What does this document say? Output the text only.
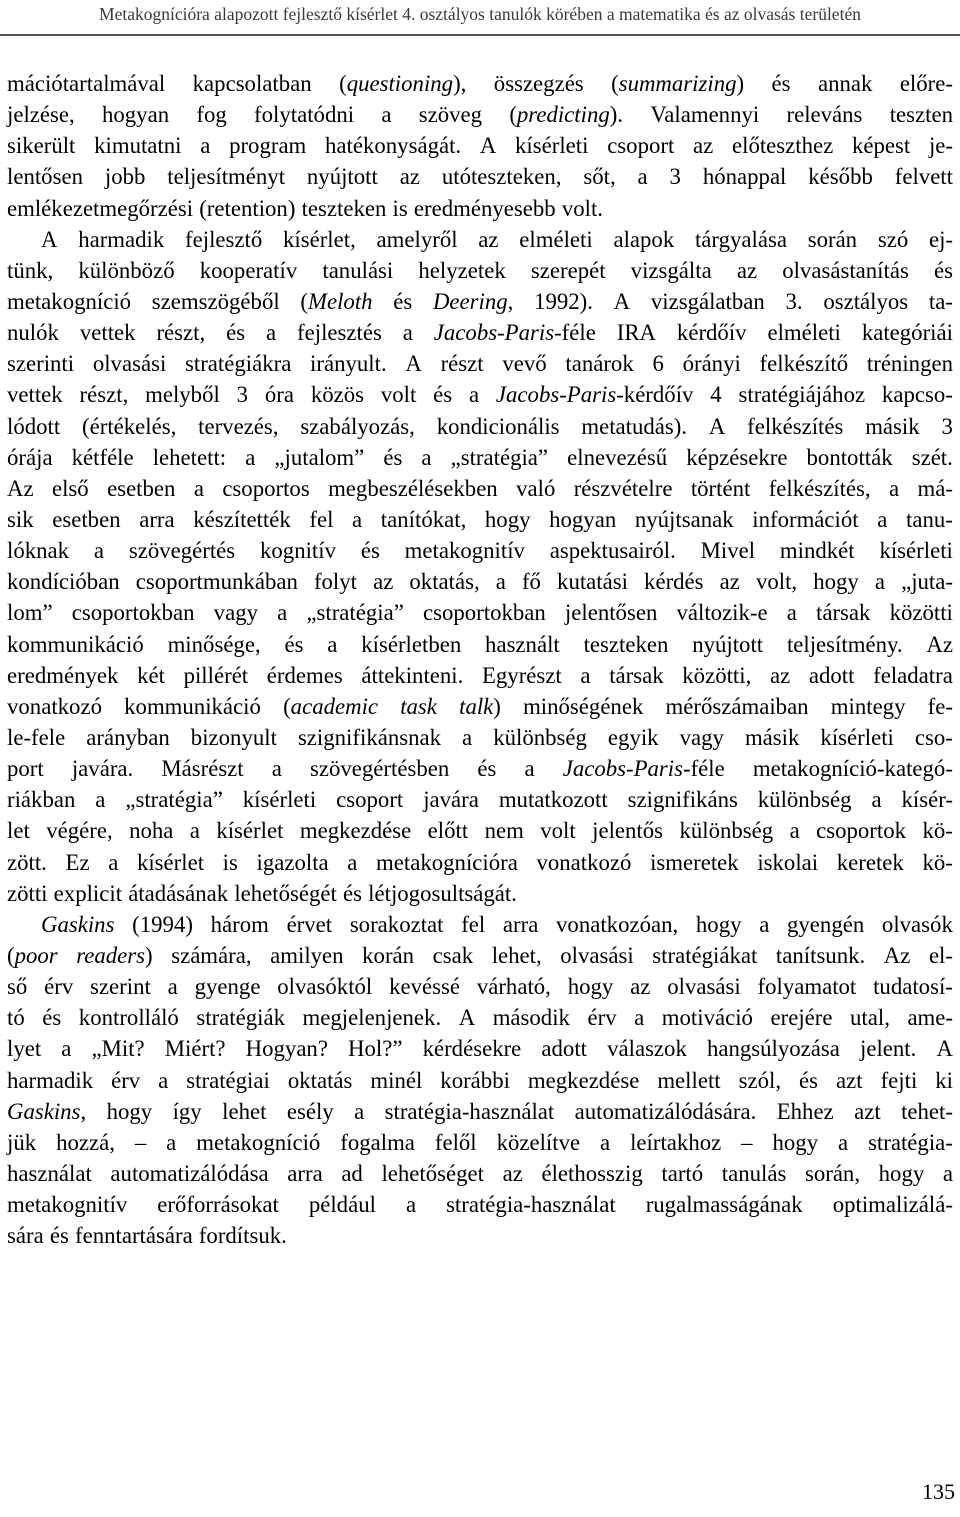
Metakognícióra alapozott fejlesztő kísérlet 4. osztályos tanulók körében a matematika és az olvasás területén
mációtartalmával kapcsolatban (questioning), összegzés (summarizing) és annak előre-
jelzése, hogyan fog folytatódni a szöveg (predicting). Valamennyi releváns teszten
sikerült kimutatni a program hatékonyságát. A kísérleti csoport az előteszthez képest je-
lentősen jobb teljesítményt nyújtott az utóteszteken, sőt, a 3 hónappal később felvett
emlékezetmegőrzési (retention) teszteken is eredményesebb volt.
A harmadik fejlesztő kísérlet, amelyről az elméleti alapok tárgyalása során szó ej-
tünk, különböző kooperatív tanulási helyzetek szerepét vizsgálta az olvasástanítás és
metakogníció szemszögéből (Meloth és Deering, 1992). A vizsgálatban 3. osztályos ta-
nulók vettek részt, és a fejlesztés a Jacobs-Paris-féle IRA kérdőív elméleti kategóriái
szerinti olvasási stratégiákra irányult. A részt vevő tanárok 6 órányi felkészítő tréningen
vettek részt, melyből 3 óra közös volt és a Jacobs-Paris-kérdőív 4 stratégiájához kapcso-
lódott (értékelés, tervezés, szabályozás, kondicionális metatudás). A felkészítés másik 3
órája kétféle lehetett: a „jutalom” és a „stratégia” elnevezésű képzésekre bontották szét.
Az első esetben a csoportos megbeszélésekben való részvételre történt felkészítés, a má-
sik esetben arra készítették fel a tanítókat, hogy hogyan nyújtsanak információt a tanu-
lóknak a szövegértés kognitív és metakognitív aspektusairól. Mivel mindkét kísérleti
kondícióban csoportmunkában folyt az oktatás, a fő kutatási kérdés az volt, hogy a „juta-
lom” csoportokban vagy a „stratégia” csoportokban jelentősen változik-e a társak közötti
kommunikáció minősége, és a kísérletben használt teszteken nyújtott teljesítmény. Az
eredmények két pillérét érdemes áttekinteni. Egyrészt a társak közötti, az adott feladatra
vonatkozó kommunikáció (academic task talk) minőségének mérőszámaiban mintegy fe-
le-fele arányban bizonyult szignifikánsnak a különbség egyik vagy másik kísérleti cso-
port javára. Másrészt a szövegértésben és a Jacobs-Paris-féle metakogníció-kategó-
riákban a „stratégia” kísérleti csoport javára mutatkozott szignifikáns különbség a kísér-
let végére, noha a kísérlet megkezdése előtt nem volt jelentős különbség a csoportok kö-
zött. Ez a kísérlet is igazolta a metakognícióra vonatkozó ismeretek iskolai keretek kö-
zötti explicit átadásának lehetőségét és létjogosultságát.
Gaskins (1994) három érvet sorakoztat fel arra vonatkozóan, hogy a gyengén olvasók
(poor readers) számára, amilyen korán csak lehet, olvasási stratégiákat tanítsunk. Az el-
ső érv szerint a gyenge olvasóktól kevéssé várható, hogy az olvasási folyamatot tudatosí-
tó és kontrolláló stratégiák megjelenjenek. A második érv a motiváció erejére utal, ame-
lyet a „Mit? Miért? Hogyan? Hol?” kérdésekre adott válaszok hangsúlyozása jelent. A
harmadik érv a stratégiai oktatás minél korábbi megkezdése mellett szól, és azt fejti ki
Gaskins, hogy így lehet esély a stratégia-használat automatizálódására. Ehhez azt tehet-
jük hozzá, – a metakogníció fogalma felől közelítve a leírtakhoz – hogy a stratégia-
használat automatizálódása arra ad lehetőséget az élethosszig tartó tanulás során, hogy a
metakognitív erőforrásokat például a stratégia-használat rugalmasságának optimalizálá-
sára és fenntartására fordítsuk.
135
